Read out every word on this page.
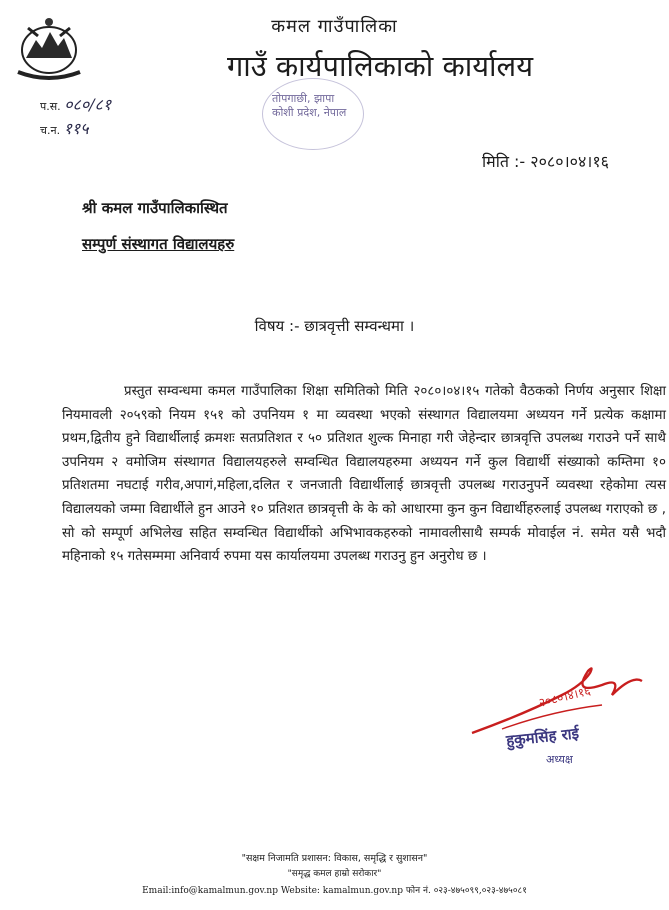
कमल गाउँपालिका
गाउँ कार्यपालिकाको कार्यालय
प.स. ०८०/८१
च.न. ११५
तोपगाछी, झापा
कोशी प्रदेश, नेपाल
मिति :- २०८०।०४।१६
श्री कमल गाउँपालिकास्थित
सम्पुर्ण संस्थागत विद्यालयहरु
विषय :- छात्रवृत्ती सम्वन्धमा ।
प्रस्तुत सम्वन्धमा कमल गाउँपालिका शिक्षा समितिको मिति २०८०।०४।१५ गतेको वैठकको निर्णय अनुसार शिक्षा नियमावली २०५९को नियम १५१ को उपनियम १ मा व्यवस्था भएको संस्थागत विद्यालयमा अध्ययन गर्ने प्रत्येक कक्षामा प्रथम,द्वितीय हुने विद्यार्थीलाई क्रमशः सतप्रतिशत र ५० प्रतिशत शुल्क मिनाहा गरी जेहेन्दार छात्रवृत्ति उपलब्ध गराउने पर्ने साथै उपनियम २ वमोजिम संस्थागत विद्यालयहरुले सम्वन्धित विद्यालयहरुमा अध्ययन गर्ने कुल विद्यार्थी संख्याको कम्तिमा १० प्रतिशतमा नघटाई गरीव,अपागं,महिला,दलित र जनजाती विद्यार्थीलाई छात्रवृत्ती उपलब्ध गराउनुपर्ने व्यवस्था रहेकोमा त्यस विद्यालयको जम्मा विद्यार्थीले हुन आउने १० प्रतिशत छात्रवृत्ती के के को आधारमा कुन कुन विद्यार्थीहरुलाई उपलब्ध गराएको छ , सो को सम्पूर्ण अभिलेख सहित सम्वन्धित विद्यार्थीको अभिभावकहरुको नामावलीसाथै सम्पर्क मोवाईल नं. समेत यसै भदौ महिनाको १५ गतेसम्ममा अनिवार्य रुपमा यस कार्यालयमा उपलब्ध गराउनु हुन अनुरोध छ ।
२०८०।४।१६
हुकुमसिंह राई
अध्यक्ष
"सक्षम निजामति प्रशासन: विकास, समृद्धि र सुशासन"
"समृद्ध कमल हाम्रो सरोकार"
Email:info@kamalmun.gov.np Website: kamalmun.gov.np फोन नं. ०२३-४७५०९९,०२३-४७५०८१
